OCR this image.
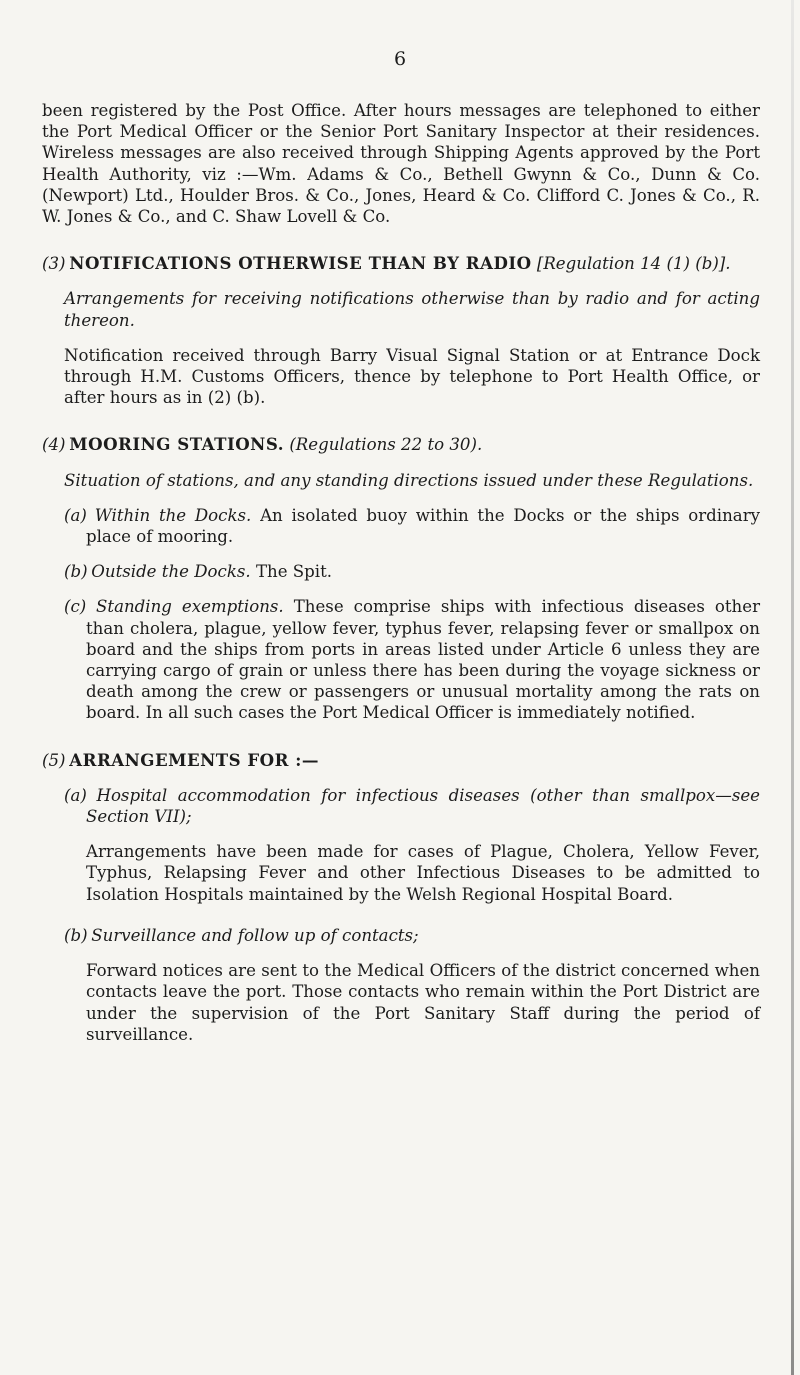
6

been registered by the Post Office. After hours messages are telephoned to either the Port Medical Officer or the Senior Port Sanitary Inspector at their residences. Wireless messages are also received through Shipping Agents approved by the Port Health Authority, viz :—Wm. Adams & Co., Bethell Gwynn & Co., Dunn & Co. (Newport) Ltd., Houlder Bros. & Co., Jones, Heard & Co. Clifford C. Jones & Co., R. W. Jones & Co., and C. Shaw Lovell & Co.

(3) NOTIFICATIONS OTHERWISE THAN BY RADIO [Regulation 14 (1) (b)].

Arrangements for receiving notifications otherwise than by radio and for acting thereon.

Notification received through Barry Visual Signal Station or at Entrance Dock through H.M. Customs Officers, thence by telephone to Port Health Office, or after hours as in (2) (b).

(4) MOORING STATIONS. (Regulations 22 to 30).

Situation of stations, and any standing directions issued under these Regulations.

(a) Within the Docks. An isolated buoy within the Docks or the ships ordinary place of mooring.

(b) Outside the Docks. The Spit.

(c) Standing exemptions. These comprise ships with infectious diseases other than cholera, plague, yellow fever, typhus fever, relapsing fever or smallpox on board and the ships from ports in areas listed under Article 6 unless they are carrying cargo of grain or unless there has been during the voyage sickness or death among the crew or passengers or unusual mortality among the rats on board. In all such cases the Port Medical Officer is immediately notified.

(5) ARRANGEMENTS FOR :—

(a) Hospital accommodation for infectious diseases (other than smallpox—see Section VII);

Arrangements have been made for cases of Plague, Cholera, Yellow Fever, Typhus, Relapsing Fever and other Infectious Diseases to be admitted to Isolation Hospitals maintained by the Welsh Regional Hospital Board.

(b) Surveillance and follow up of contacts;

Forward notices are sent to the Medical Officers of the district concerned when contacts leave the port. Those contacts who remain within the Port District are under the supervision of the Port Sanitary Staff during the period of surveillance.
